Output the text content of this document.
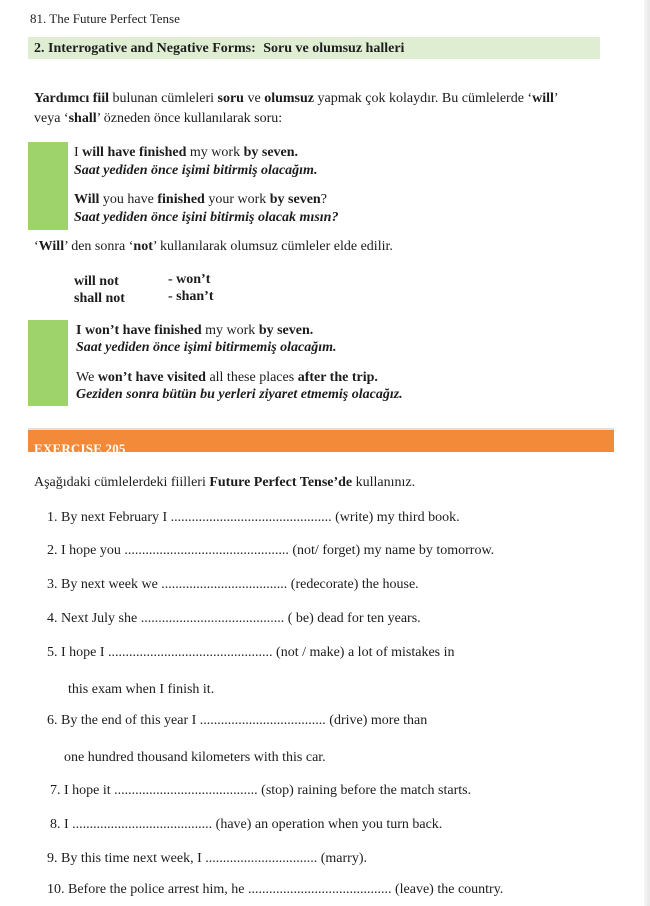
81. The Future Perfect Tense
2. Interrogative and Negative Forms: Soru ve olumsuz halleri
Yardımcı fiil bulunan cümleleri soru ve olumsuz yapmak çok kolaydır. Bu cümlelerde ‘will’
veya ‘shall’ özneden önce kullanılarak soru:
I will have finished my work by seven.
Saat yediden önce işimi bitirmiş olacağım.
Will you have finished your work by seven?
Saat yediden önce işini bitirmiş olacak mısın?
‘Will’ den sonra ‘not’ kullanılarak olumsuz cümleler elde edilir.
will not	- won’t
shall not	- shan’t
I won’t have finished my work by seven.
Saat yediden önce işimi bitirmemiş olacağım.
We won’t have visited all these places after the trip.
Geziden sonra bütün bu yerleri ziyaret etmemiş olacağız.
EXERCISE 205
Aşağıdaki cümlelerdeki fiilleri Future Perfect Tense’de kullanınız.
1. By next February I .............................................. (write) my third book.
2. I hope you ............................................... (not/ forget) my name by tomorrow.
3. By next week we .................................... (redecorate) the house.
4. Next July she ......................................... ( be) dead for ten years.
5. I hope I ............................................... (not / make) a lot of mistakes in
this exam when I finish it.
6. By the end of this year I .................................... (drive) more than
one hundred thousand kilometers with this car.
7. I hope it ......................................... (stop) raining before the match starts.
8. I ........................................ (have) an operation when you turn back.
9. By this time next week, I ................................ (marry).
10. Before the police arrest him, he ......................................... (leave) the country.
